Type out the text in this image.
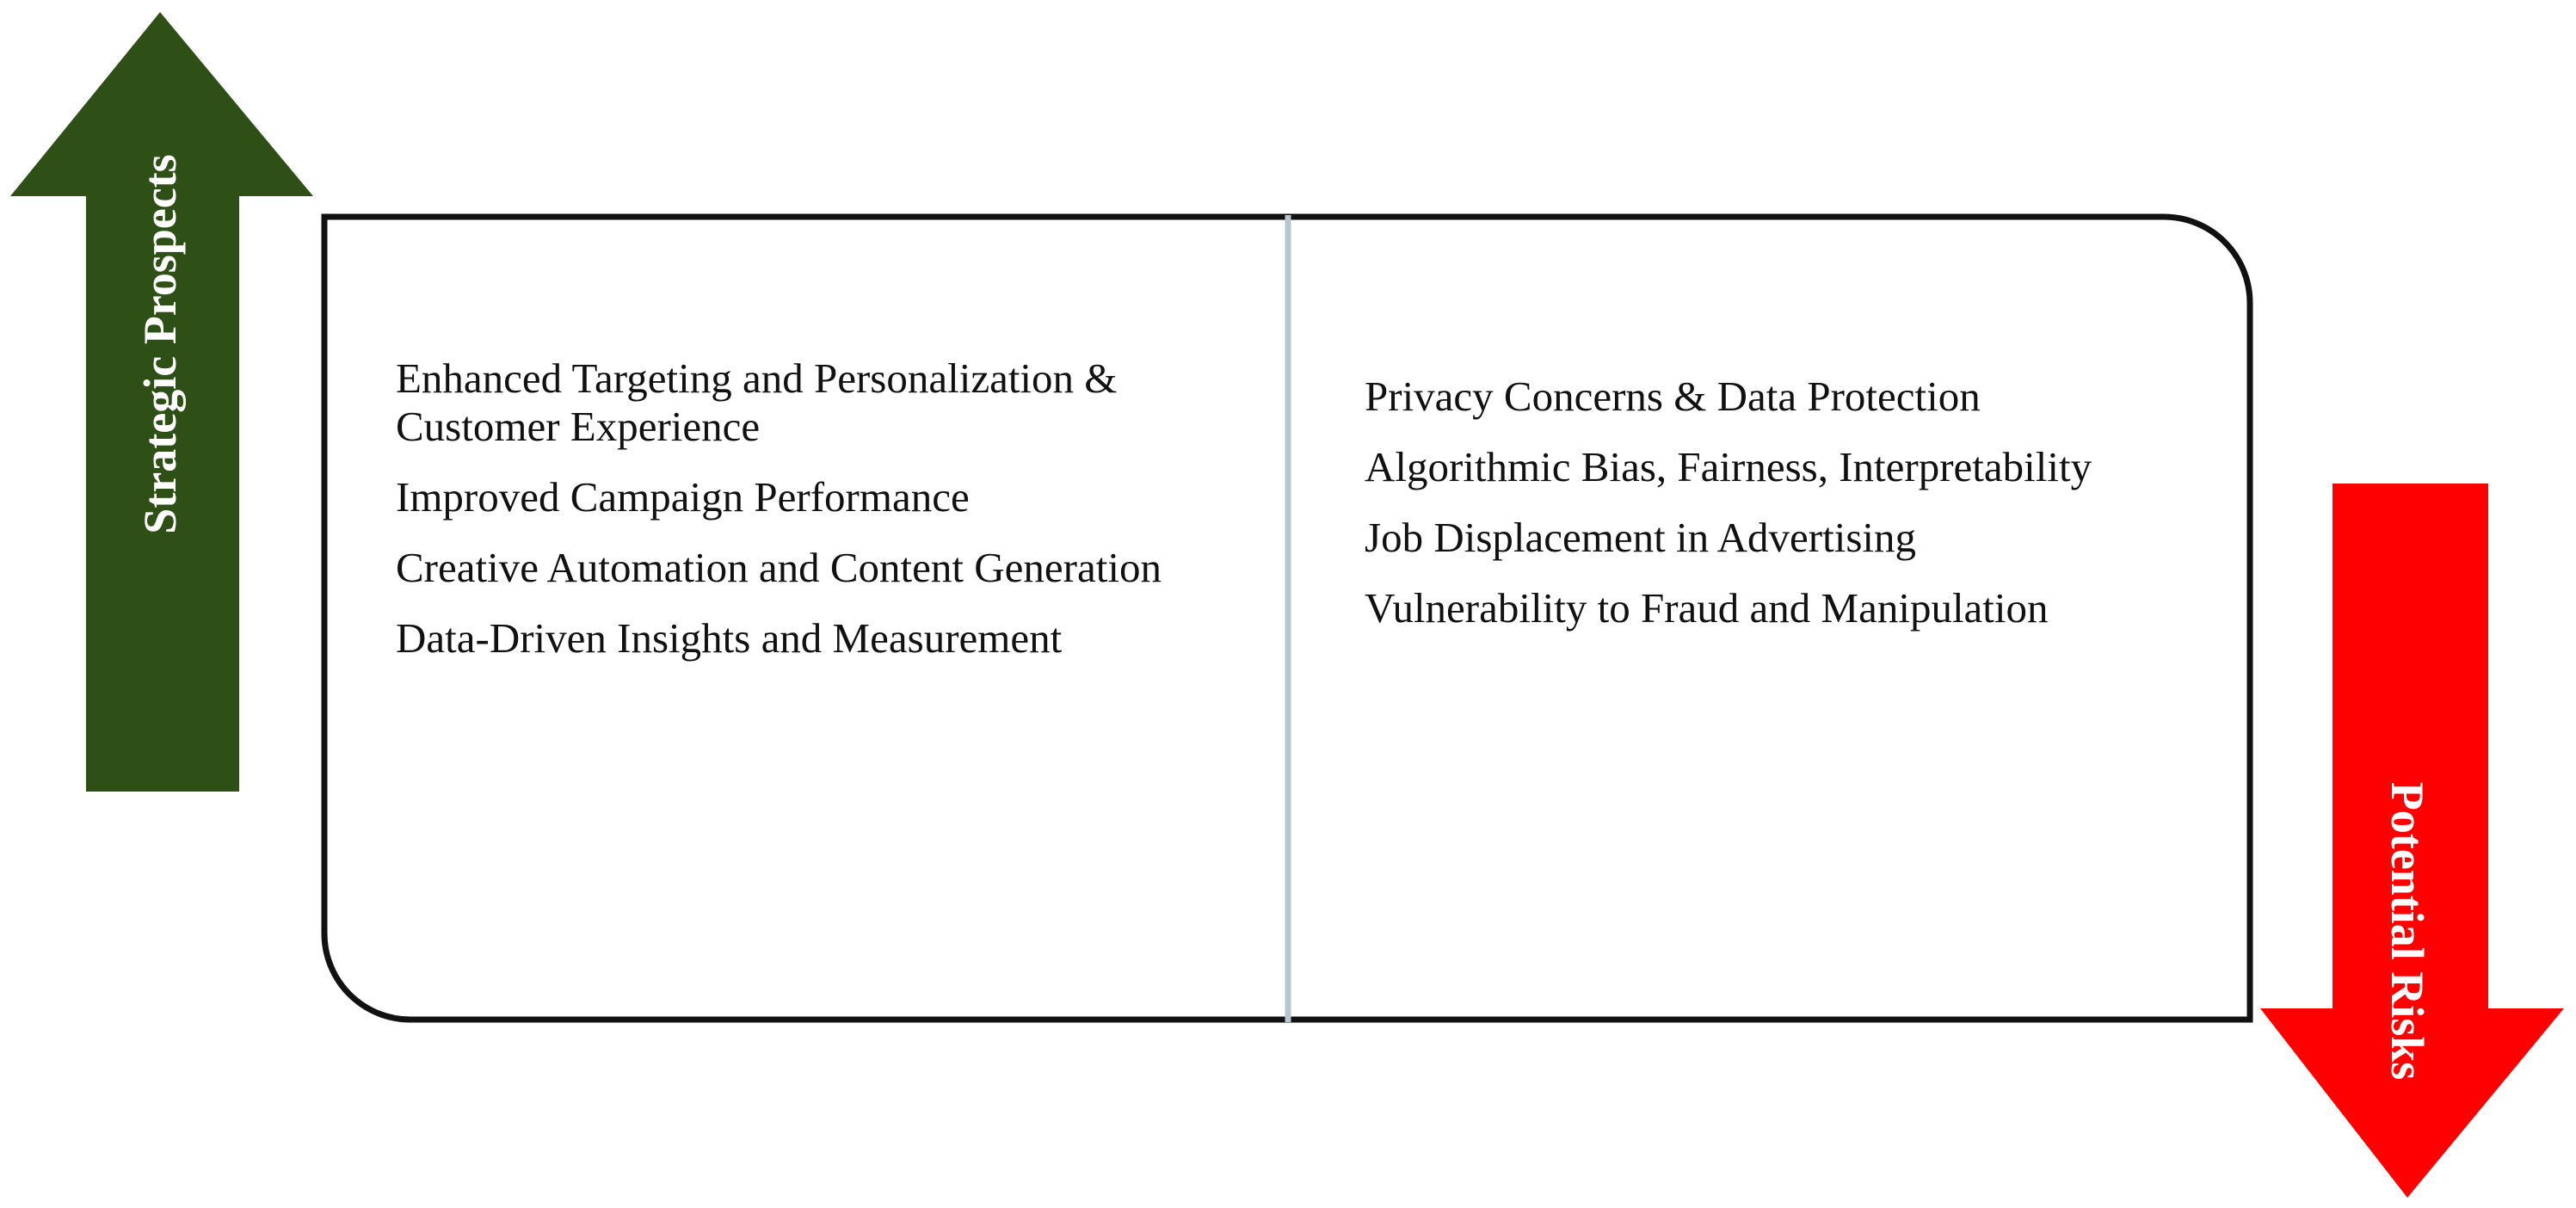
Strategic Prospects
Potential Risks
Enhanced Targeting and Personalization & Customer Experience
Improved Campaign Performance
Creative Automation and Content Generation
Data-Driven Insights and Measurement
Privacy Concerns & Data Protection
Algorithmic Bias, Fairness, Interpretability
Job Displacement in Advertising
Vulnerability to Fraud and Manipulation
